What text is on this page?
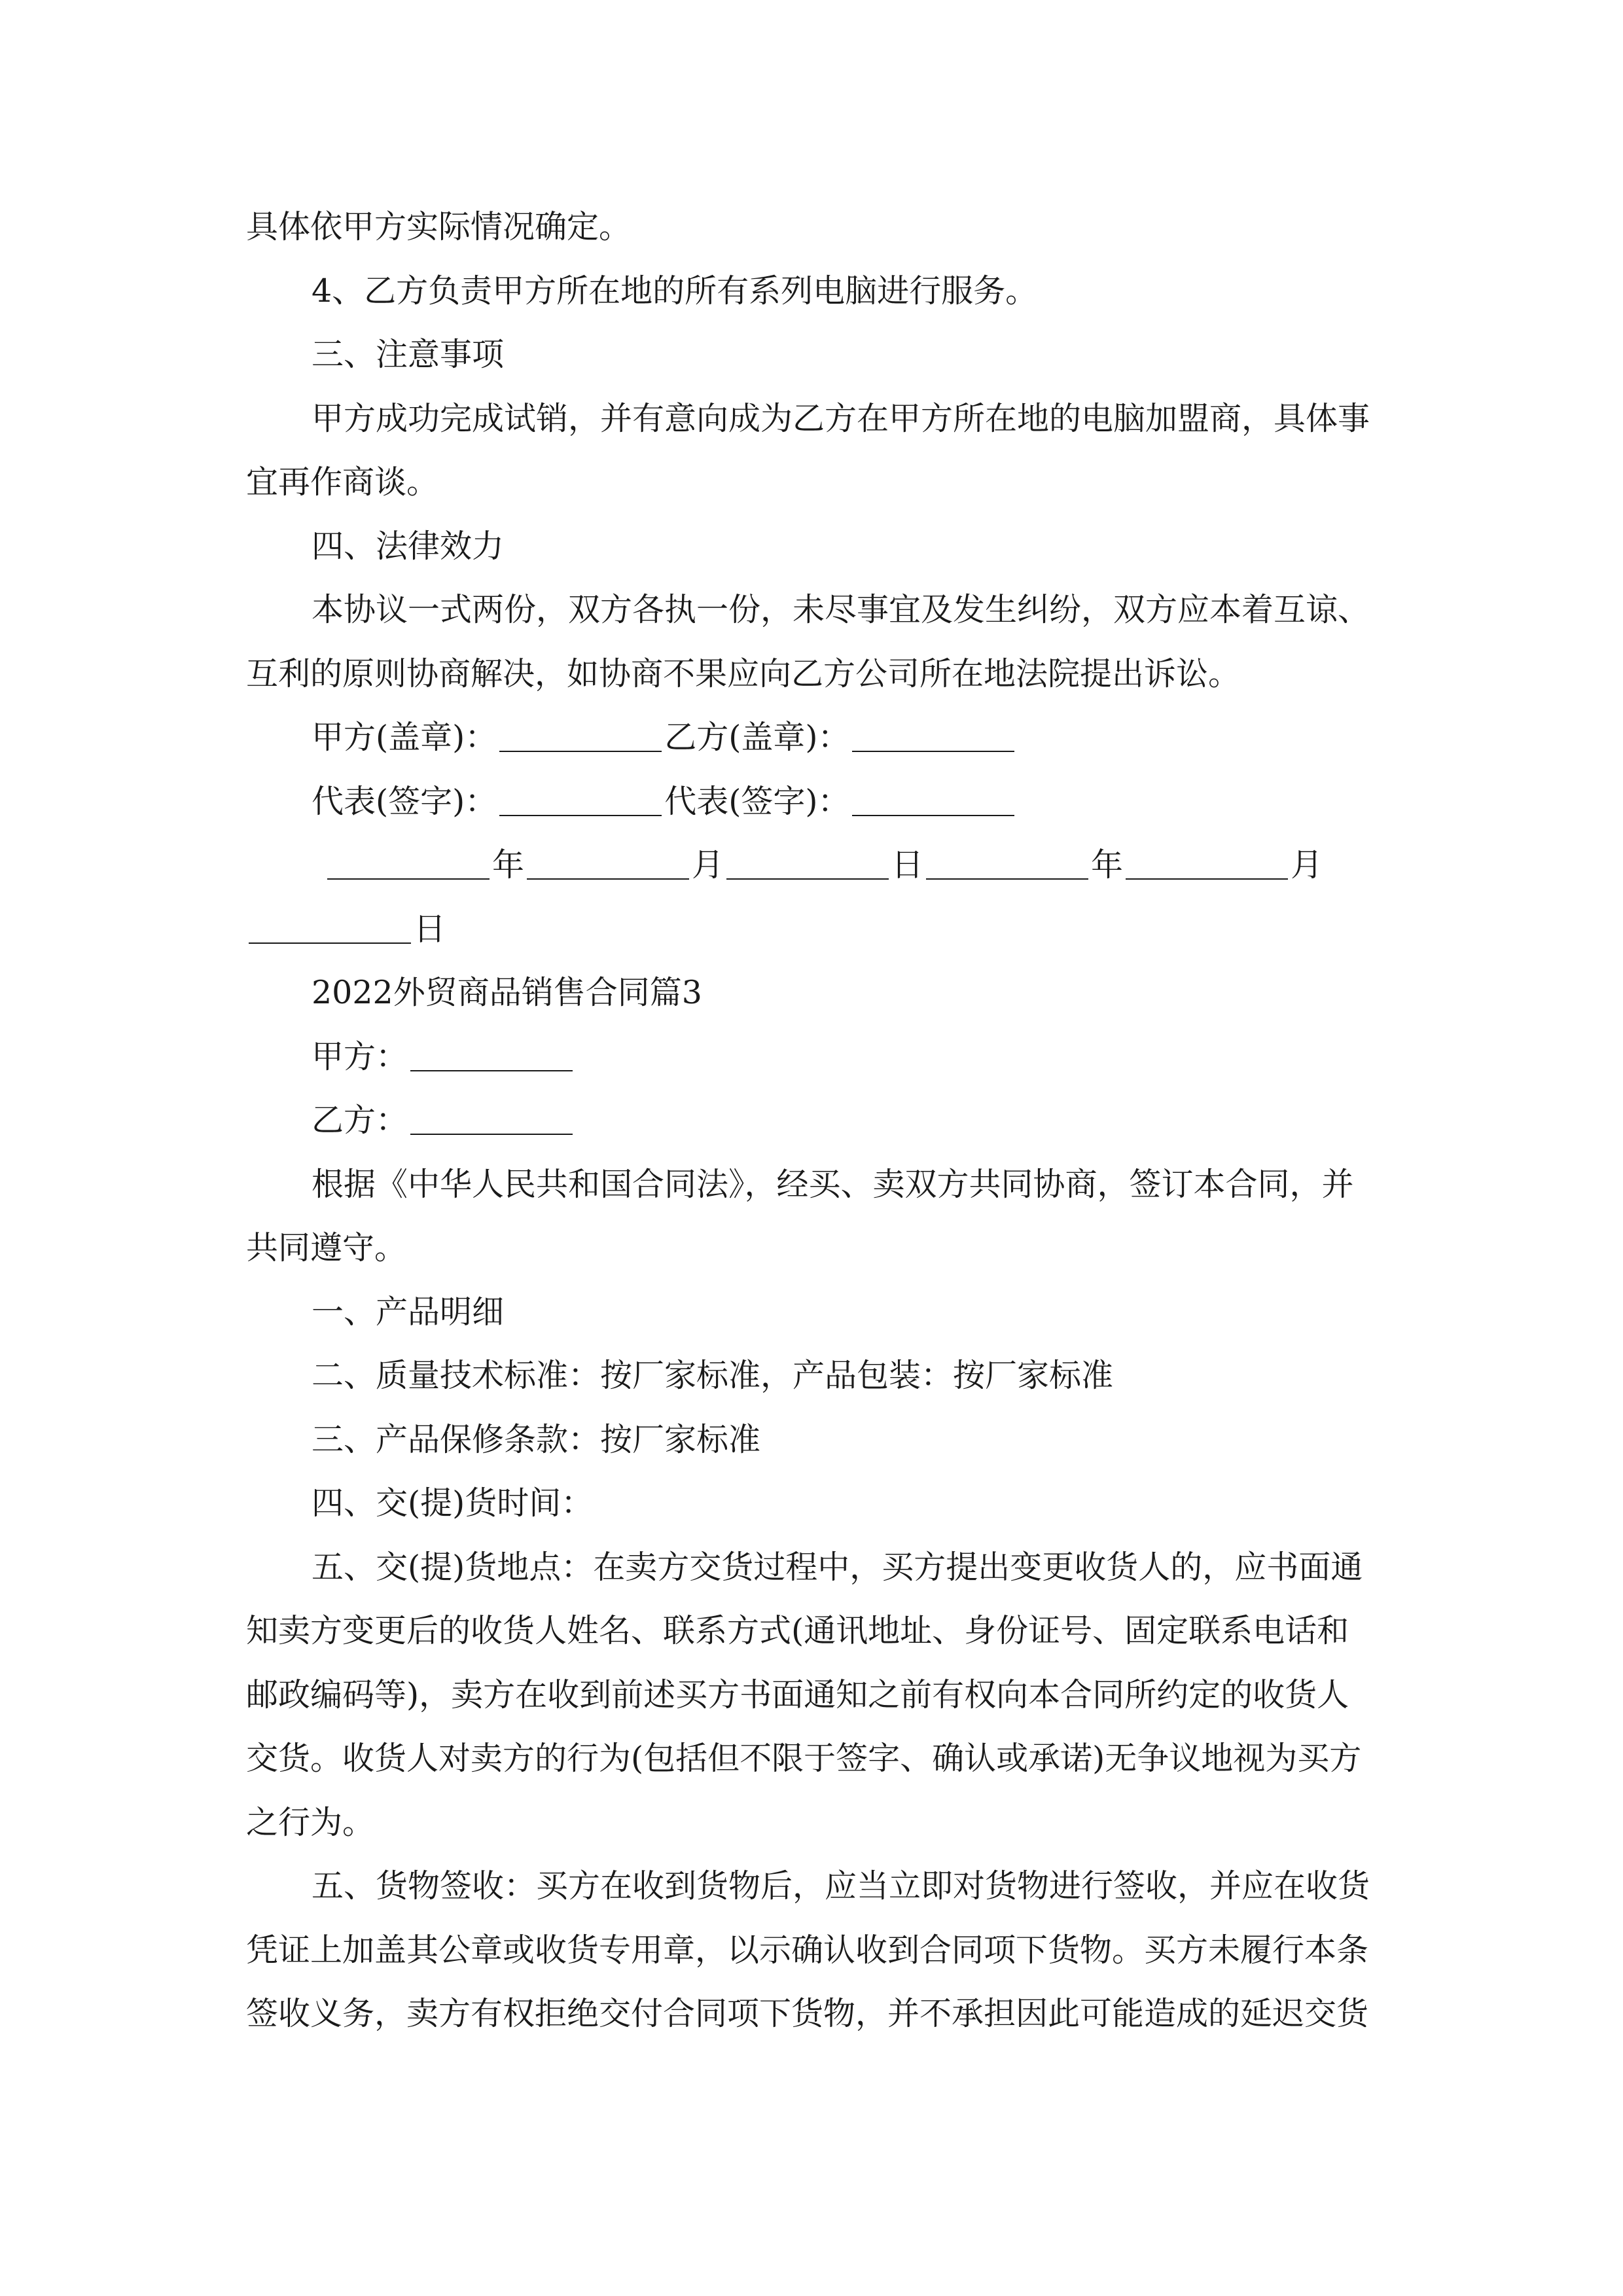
具体依甲方实际情况确定。
4、乙方负责甲方所在地的所有系列电脑进行服务。
三、注意事项
甲方成功完成试销，并有意向成为乙方在甲方所在地的电脑加盟商，具体事
宜再作商谈。
四、法律效力
本协议一式两份，双方各执一份，未尽事宜及发生纠纷，双方应本着互谅、
互利的原则协商解决，如协商不果应向乙方公司所在地法院提出诉讼。
甲方(盖章)：	乙方(盖章)：
代表(签字)：	代表(签字)：
年	月	日	年	月
日
2022外贸商品销售合同篇3
甲方：
乙方：
根据《中华人民共和国合同法》，经买、卖双方共同协商，签订本合同，并
共同遵守。
一、产品明细
二、质量技术标准：按厂家标准，产品包装：按厂家标准
三、产品保修条款：按厂家标准
四、交(提)货时间：
五、交(提)货地点：在卖方交货过程中，买方提出变更收货人的，应书面通
知卖方变更后的收货人姓名、联系方式(通讯地址、身份证号、固定联系电话和
邮政编码等)，卖方在收到前述买方书面通知之前有权向本合同所约定的收货人
交货。收货人对卖方的行为(包括但不限于签字、确认或承诺)无争议地视为买方
之行为。
五、货物签收：买方在收到货物后，应当立即对货物进行签收，并应在收货
凭证上加盖其公章或收货专用章，以示确认收到合同项下货物。买方未履行本条
签收义务，卖方有权拒绝交付合同项下货物，并不承担因此可能造成的延迟交货
